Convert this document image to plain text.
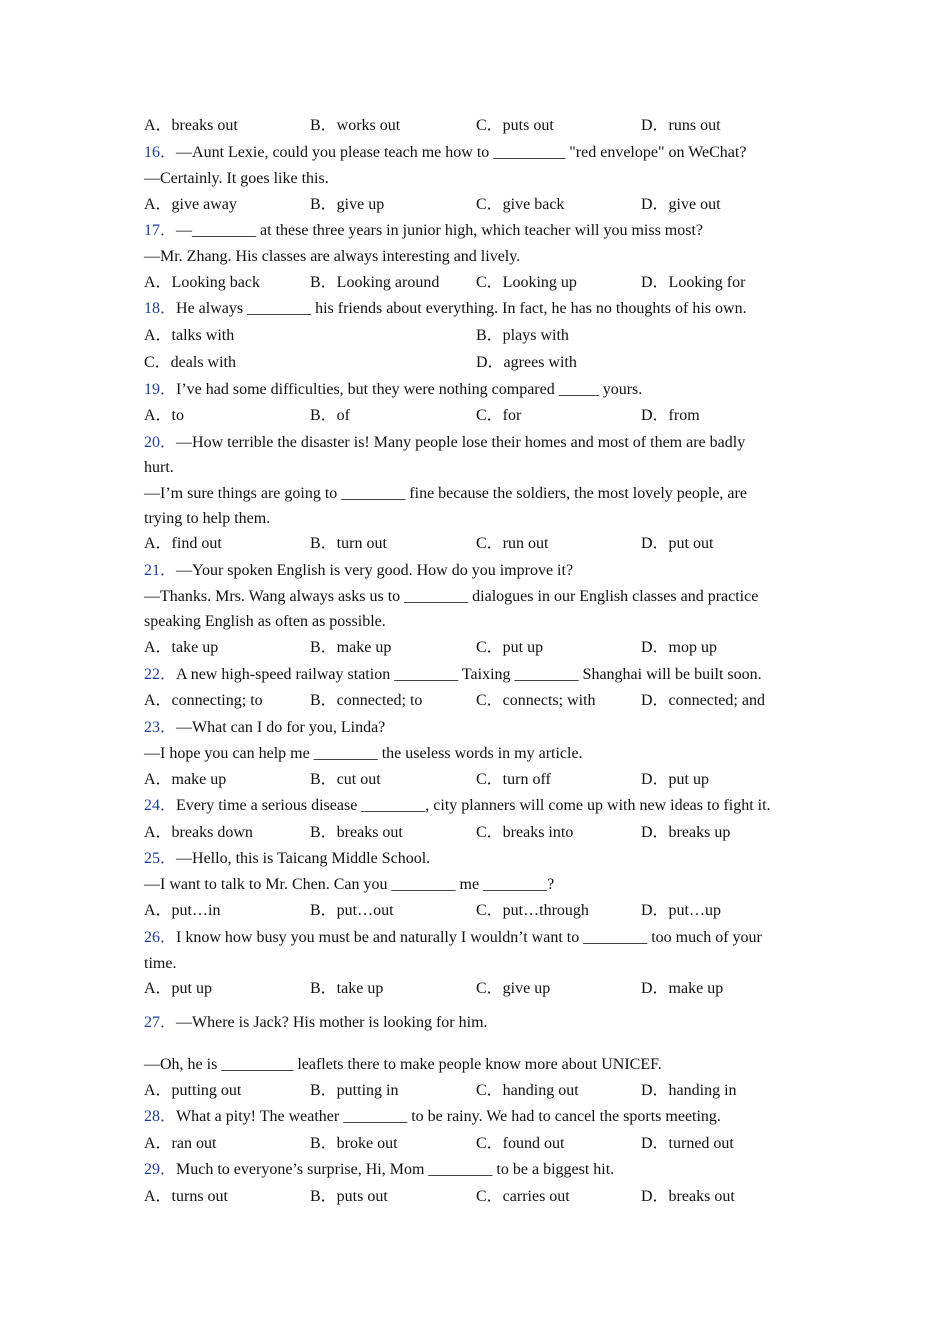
A．breaks out	B．works out	C．puts out	D．runs out
16．—Aunt Lexie, could you please teach me how to _________ "red envelope" on WeChat?
—Certainly. It goes like this.
A．give away	B．give up	C．give back	D．give out
17．—________ at these three years in junior high, which teacher will you miss most?
—Mr. Zhang. His classes are always interesting and lively.
A．Looking back	B．Looking around C．Looking up	D．Looking for
18．He always ________ his friends about everything. In fact, he has no thoughts of his own.
A．talks with	B．plays with
C．deals with	D．agrees with
19．I’ve had some difficulties, but they were nothing compared _____ yours.
A．to	B．of	C．for	D．from
20．—How terrible the disaster is! Many people lose their homes and most of them are badly
hurt.
—I’m sure things are going to ________ fine because the soldiers, the most lovely people, are
trying to help them.
A．find out	B．turn out	C．run out	D．put out
21．—Your spoken English is very good. How do you improve it?
—Thanks. Mrs. Wang always asks us to ________ dialogues in our English classes and practice
speaking English as often as possible.
A．take up	B．make up	C．put up	D．mop up
22．A new high-speed railway station ________ Taixing ________ Shanghai will be built soon.
A．connecting; to	B．connected; to	C．connects; with	D．connected; and
23．—What can I do for you, Linda?
—I hope you can help me ________ the useless words in my article.
A．make up	B．cut out	C．turn off	D．put up
24．Every time a serious disease ________, city planners will come up with new ideas to fight it.
A．breaks down	B．breaks out	C．breaks into	D．breaks up
25．—Hello, this is Taicang Middle School.
—I want to talk to Mr. Chen. Can you ________ me ________?
A．put…in	B．put…out	C．put…through	D．put…up
26．I know how busy you must be and naturally I wouldn’t want to ________ too much of your
time.
A．put up	B．take up	C．give up	D．make up
27．—Where is Jack? His mother is looking for him.
—Oh, he is _________ leaflets there to make people know more about UNICEF.
A．putting out	B．putting in	C．handing out	D．handing in
28．What a pity! The weather ________ to be rainy. We had to cancel the sports meeting.
A．ran out	B．broke out	C．found out	D．turned out
29．Much to everyone’s surprise, Hi, Mom ________ to be a biggest hit.
A．turns out	B．puts out	C．carries out	D．breaks out
